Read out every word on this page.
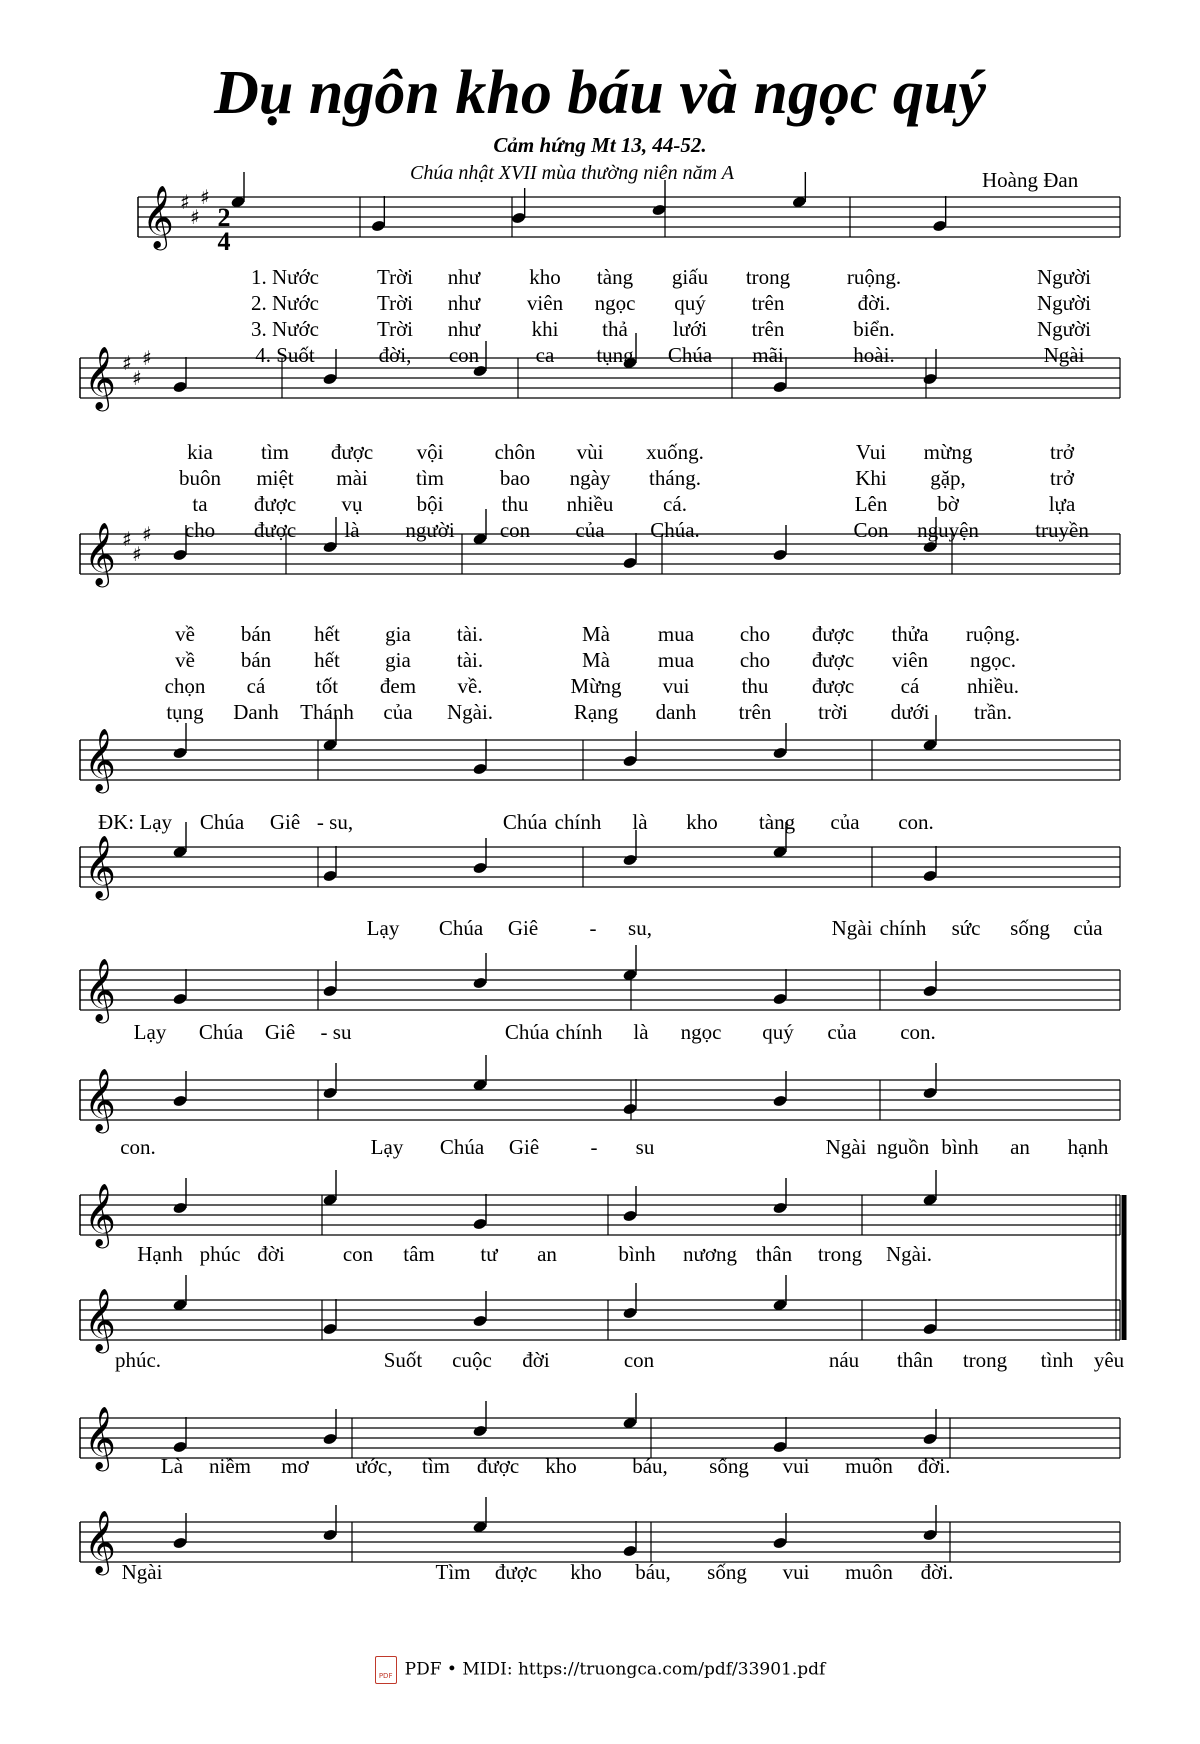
Dụ ngôn kho báu và ngọc quý
Cảm hứng Mt 13, 44-52.
Chúa nhật XVII mùa thường niên năm A	Hoàng Đan
𝄞 ♯
♯
♯
𝄞 ♯
♯
♯
𝄞 ♯
♯
♯
𝄞
𝄞
𝄞
𝄞
𝄞
𝄞
𝄞
𝄞
2
4
1. Nước	Trời như kho tàng giấu trong	ruộng.	Người
2. Nước	Trời như viên ngọc quý trên	đời.	Người
3. Nước	Trời như khi thả lưới trên	biển.	Người
4. Suốt	đời, con	ca tụng Chúa mãi	hoài.	Ngài
kia tìm được vội chôn vùi xuống.	Vui mừng	trở
buôn miệt mài tìm	bao ngày tháng.	Khi gặp,	trở
ta được vụ	bội	thu nhiều cá.	Lên bờ	lựa
cho được là người con của Chúa.	Con nguyện	truyền
về bán hết gia tài.	Mà mua cho được thửa ruộng.
về bán hết gia tài.	Mà mua cho được viên ngọc.
chọn cá tốt đem về.	Mừng vui thu được cá nhiều.
tụng Danh Thánh của Ngài.	Rạng danh trên trời dưới trần.
ĐK: Lạy Chúa Giê - su,	Chúa chính là kho tàng của con.
Lạy Chúa Giê - su,	Ngài chính sức sống của
Lạy Chúa Giê - su	Chúa chính là ngọc quý của con.
con.	Lạy Chúa Giê - su	Ngài nguồn bình an hạnh
Hạnh phúc đời	con tâm tư an	bình nương thân trong Ngài.
phúc.	Suốt cuộc đời	con	náu thân trong tình yêu
Là niềm mơ ước, tìm được kho	báu, sống vui muôn đời.
Ngài	Tìm được kho báu, sống vui muôn đời.
PDF PDF • MIDI: https://truongca.com/pdf/33901.pdf
